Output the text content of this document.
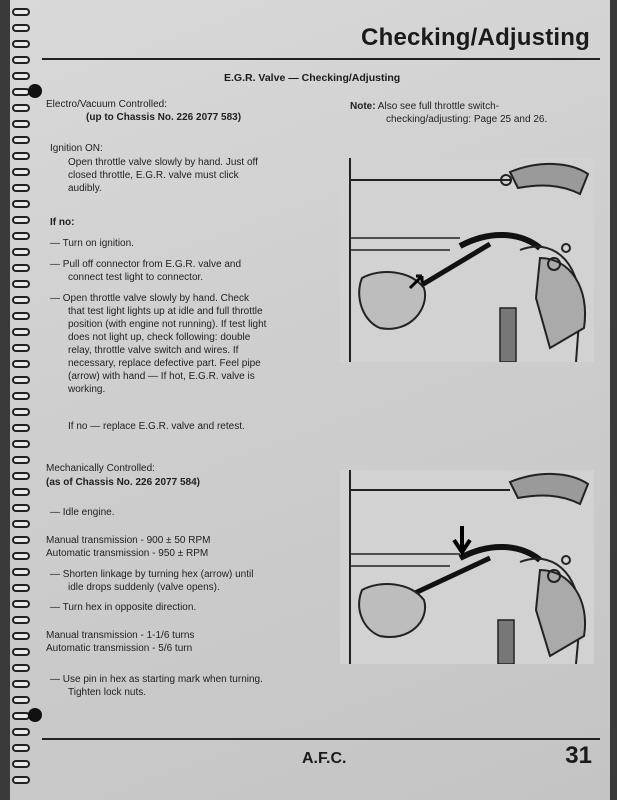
Checking/Adjusting
E.G.R. Valve — Checking/Adjusting
Electro/Vacuum Controlled:
(up to Chassis No. 226 2077 583)
Ignition ON:
Open throttle valve slowly by hand. Just off
closed throttle, E.G.R. valve must click
audibly.
If no:
— Turn on ignition.
— Pull off connector from E.G.R. valve and
connect test light to connector.
— Open throttle valve slowly by hand. Check
that test light lights up at idle and full throttle
position (with engine not running). If test light
does not light up, check following: double
relay, throttle valve switch and wires. If
necessary, replace defective part. Feel pipe
(arrow) with hand — If hot, E.G.R. valve is
working.
If no — replace E.G.R. valve and retest.
Note: Also see full throttle switch-
checking/adjusting: Page 25 and 26.
Mechanically Controlled:
(as of Chassis No. 226 2077 584)
— Idle engine.
Manual transmission - 900 ± 50 RPM
Automatic transmission - 950 ± RPM
— Shorten linkage by turning hex (arrow) until
idle drops suddenly (valve opens).
— Turn hex in opposite direction.
Manual transmission - 1-1/6 turns
Automatic transmission - 5/6 turn
— Use pin in hex as starting mark when turning.
Tighten lock nuts.
A.F.C.	31
